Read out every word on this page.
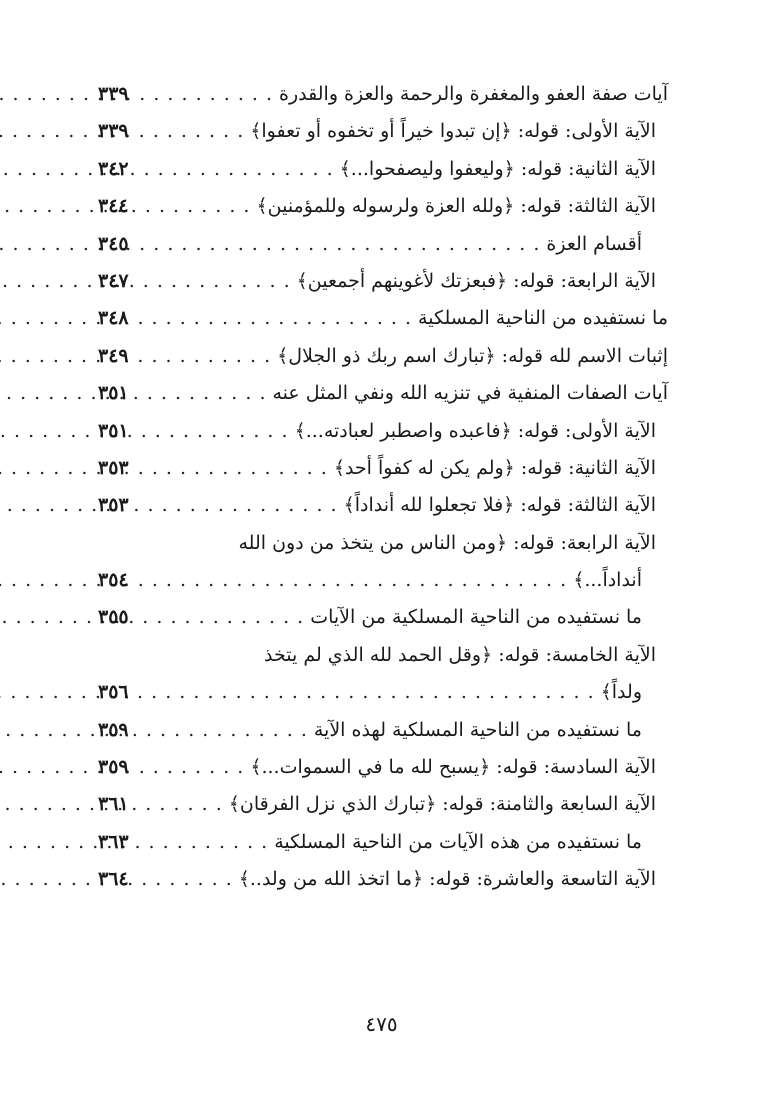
آيات صفة العفو والمغفرة والرحمة والعزة والقدرة
. . .
٣٣٩
الآية الأولى: قوله: ﴿إن تبدوا خيراً أو تخفوه أو تعفوا﴾
. . .
٣٣٩
الآية الثانية: قوله: ﴿وليعفوا وليصفحوا...﴾
. . .
٣٤٢
الآية الثالثة: قوله: ﴿ولله العزة ولرسوله وللمؤمنين﴾
. . .
٣٤٤
أقسام العزة
. . .
٣٤٥
الآية الرابعة: قوله: ﴿فبعزتك لأغوينهم أجمعين﴾
. . .
٣٤٧
ما نستفيده من الناحية المسلكية
. . .
٣٤٨
إثبات الاسم لله قوله: ﴿تبارك اسم ربك ذو الجلال﴾
. . .
٣٤٩
آيات الصفات المنفية في تنزيه الله ونفي المثل عنه
. . .
٣٥١
الآية الأولى: قوله: ﴿فاعبده واصطبر لعبادته...﴾
. . .
٣٥١
الآية الثانية: قوله: ﴿ولم يكن له كفواً أحد﴾
. . .
٣٥٣
الآية الثالثة: قوله: ﴿فلا تجعلوا لله أنداداً﴾
. . .
٣٥٣
الآية الرابعة: قوله: ﴿ومن الناس من يتخذ من دون الله
أنداداً...﴾
. . .
٣٥٤
ما نستفيده من الناحية المسلكية من الآيات
. . .
٣٥٥
الآية الخامسة: قوله: ﴿وقل الحمد لله الذي لم يتخذ
ولداً﴾
. . .
٣٥٦
ما نستفيده من الناحية المسلكية لهذه الآية
. . .
٣٥٩
الآية السادسة: قوله: ﴿يسبح لله ما في السموات...﴾
. . .
٣٥٩
الآية السابعة والثامنة: قوله: ﴿تبارك الذي نزل الفرقان﴾
. . .
٣٦١
ما نستفيده من هذه الآيات من الناحية المسلكية
. . .
٣٦٣
الآية التاسعة والعاشرة: قوله: ﴿ما اتخذ الله من ولد..﴾
. . .
٣٦٤
٤٧٥
